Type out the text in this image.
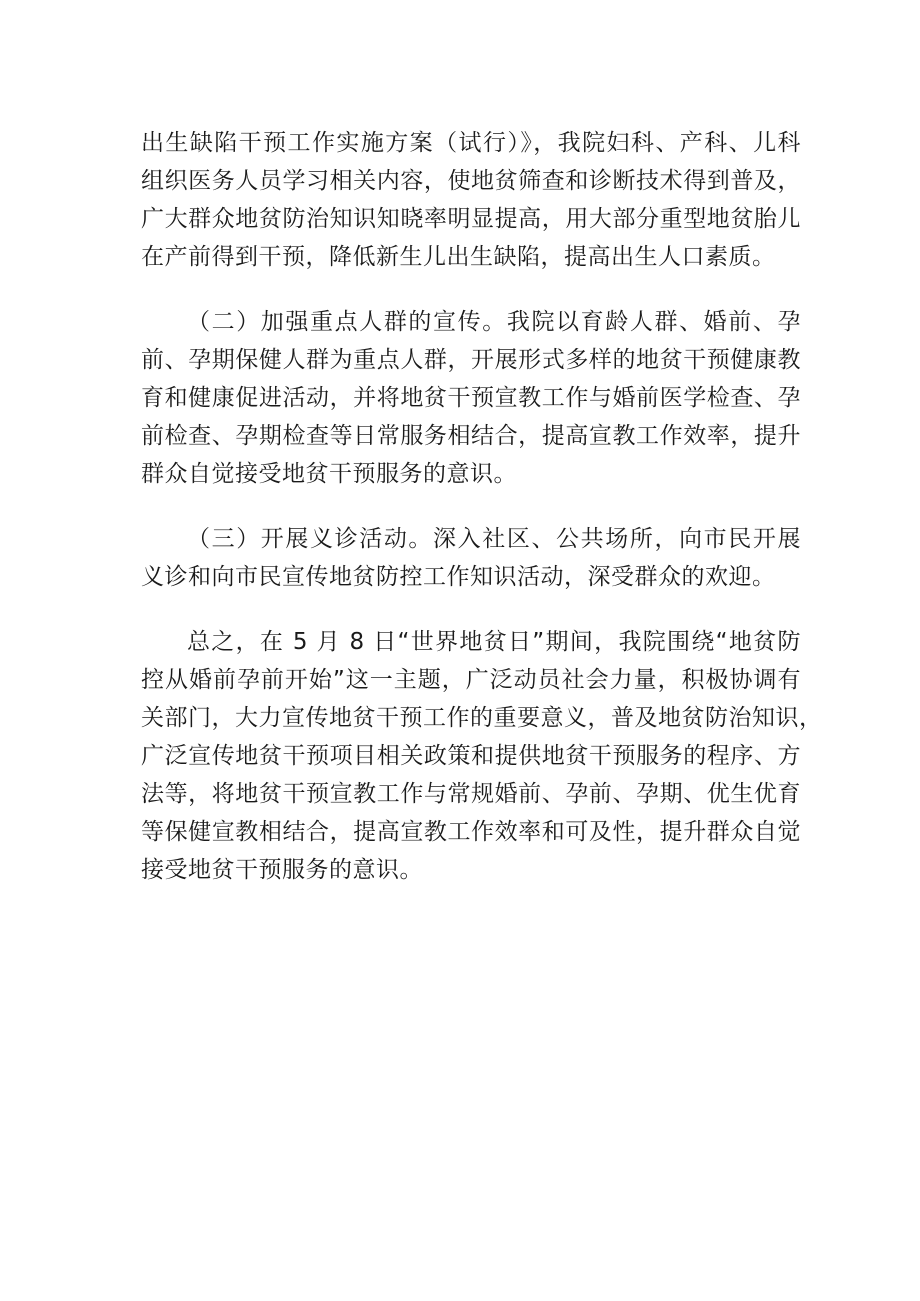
出生缺陷干预工作实施方案（试行）》，我院妇科、产科、儿科
组织医务人员学习相关内容，使地贫筛查和诊断技术得到普及，
广大群众地贫防治知识知晓率明显提高，用大部分重型地贫胎儿
在产前得到干预，降低新生儿出生缺陷，提高出生人口素质。
（二）加强重点人群的宣传。我院以育龄人群、婚前、孕
前、孕期保健人群为重点人群，开展形式多样的地贫干预健康教
育和健康促进活动，并将地贫干预宣教工作与婚前医学检查、孕
前检查、孕期检查等日常服务相结合，提高宣教工作效率，提升
群众自觉接受地贫干预服务的意识。
（三）开展义诊活动。深入社区、公共场所，向市民开展
义诊和向市民宣传地贫防控工作知识活动，深受群众的欢迎。
总之，在 5 月 8 日“世界地贫日”期间，我院围绕“地贫防
控从婚前孕前开始”这一主题，广泛动员社会力量，积极协调有
关部门，大力宣传地贫干预工作的重要意义，普及地贫防治知识，
广泛宣传地贫干预项目相关政策和提供地贫干预服务的程序、方
法等，将地贫干预宣教工作与常规婚前、孕前、孕期、优生优育
等保健宣教相结合，提高宣教工作效率和可及性，提升群众自觉
接受地贫干预服务的意识。
